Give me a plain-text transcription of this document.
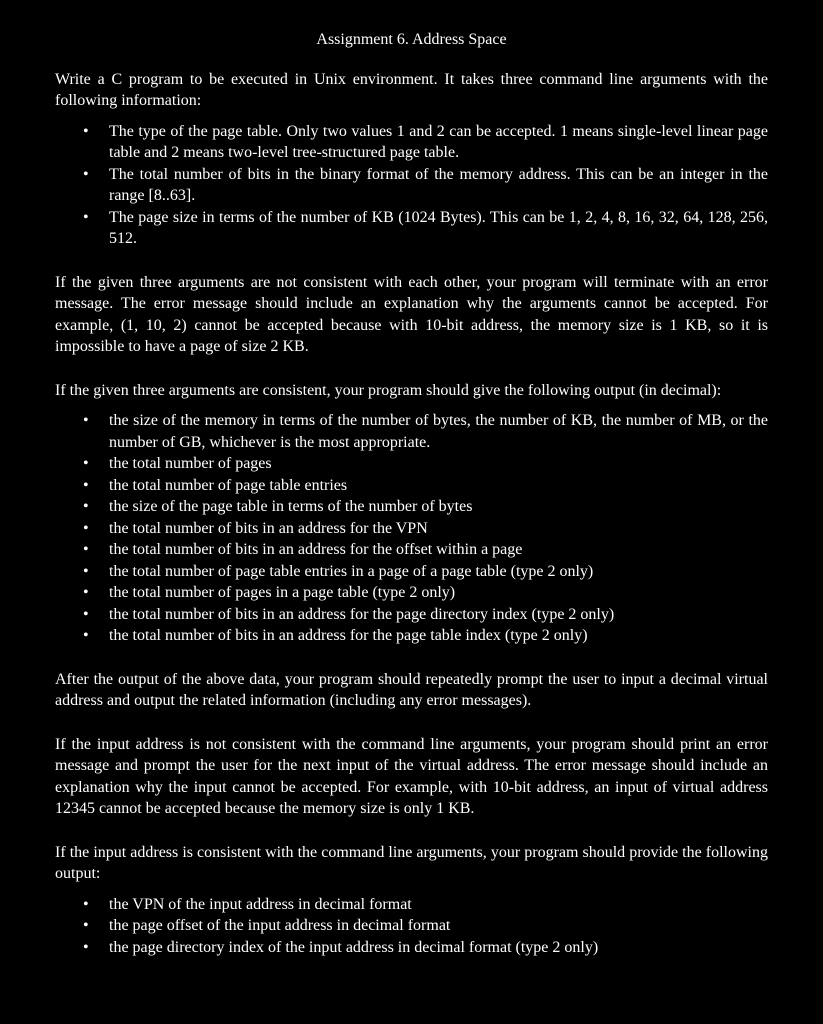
Assignment 6. Address Space

Write a C program to be executed in Unix environment. It takes three command line arguments with the following information:

• The type of the page table. Only two values 1 and 2 can be accepted. 1 means single-level linear page table and 2 means two-level tree-structured page table.
• The total number of bits in the binary format of the memory address. This can be an integer in the range [8..63].
• The page size in terms of the number of KB (1024 Bytes). This can be 1, 2, 4, 8, 16, 32, 64, 128, 256, 512.

If the given three arguments are not consistent with each other, your program will terminate with an error message. The error message should include an explanation why the arguments cannot be accepted. For example, (1, 10, 2) cannot be accepted because with 10-bit address, the memory size is 1 KB, so it is impossible to have a page of size 2 KB.

If the given three arguments are consistent, your program should give the following output (in decimal):

• the size of the memory in terms of the number of bytes, the number of KB, the number of MB, or the number of GB, whichever is the most appropriate.
• the total number of pages
• the total number of page table entries
• the size of the page table in terms of the number of bytes
• the total number of bits in an address for the VPN
• the total number of bits in an address for the offset within a page
• the total number of page table entries in a page of a page table (type 2 only)
• the total number of pages in a page table (type 2 only)
• the total number of bits in an address for the page directory index (type 2 only)
• the total number of bits in an address for the page table index (type 2 only)

After the output of the above data, your program should repeatedly prompt the user to input a decimal virtual address and output the related information (including any error messages).

If the input address is not consistent with the command line arguments, your program should print an error message and prompt the user for the next input of the virtual address. The error message should include an explanation why the input cannot be accepted. For example, with 10-bit address, an input of virtual address 12345 cannot be accepted because the memory size is only 1 KB.

If the input address is consistent with the command line arguments, your program should provide the following output:

• the VPN of the input address in decimal format
• the page offset of the input address in decimal format
• the page directory index of the input address in decimal format (type 2 only)
